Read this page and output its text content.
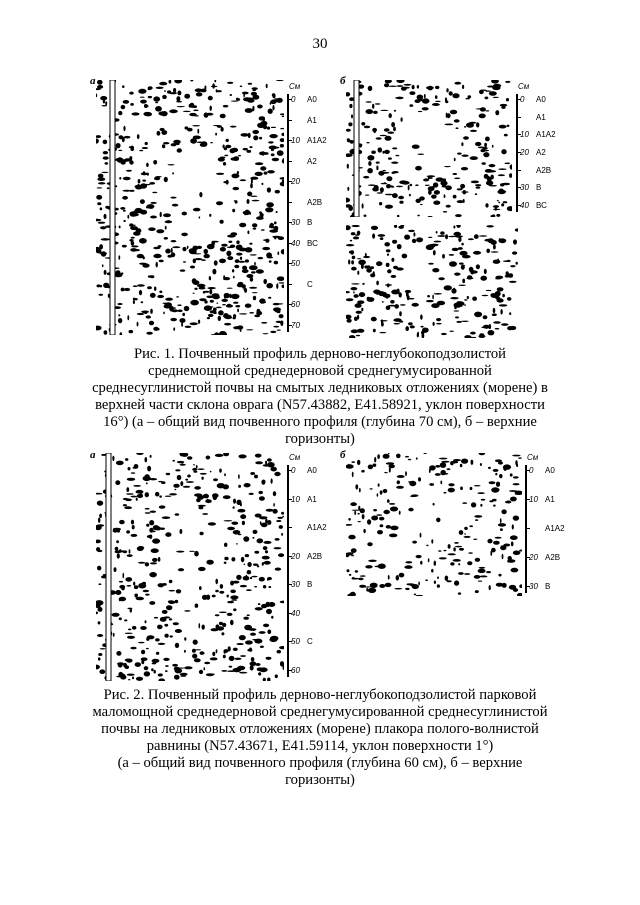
30
а	См
0 А0
А1
10 А1А2
А2
20
А2В
30 В
40 ВС
50
С
60
70
б	См
0 А0
А1
10 А1А2
20 А2
А2В
30 В
40 ВС
Рис. 1. Почвенный профиль дерново-неглубокоподзолистой
среднемощной среднедерновой среднегумусированной
среднесуглинистой почвы на смытых ледниковых отложениях (морене) в
верхней части склона оврага (N57.43882, E41.58921, уклон поверхности
16°) (а – общий вид почвенного профиля (глубина 70 см), б – верхние
горизонты)
а	См
0 А0
10 А1
А1А2
20 А2В
30 В
40
50 С
60
б	См
0 А0
10 А1
А1А2
20 А2В
30 В
Рис. 2. Почвенный профиль дерново-неглубокоподзолистой парковой
маломощной среднедерновой среднегумусированной среднесуглинистой
почвы на ледниковых отложениях (морене) плакора полого-волнистой
равнины (N57.43671, E41.59114, уклон поверхности 1°)
(а – общий вид почвенного профиля (глубина 60 см), б – верхние
горизонты)
